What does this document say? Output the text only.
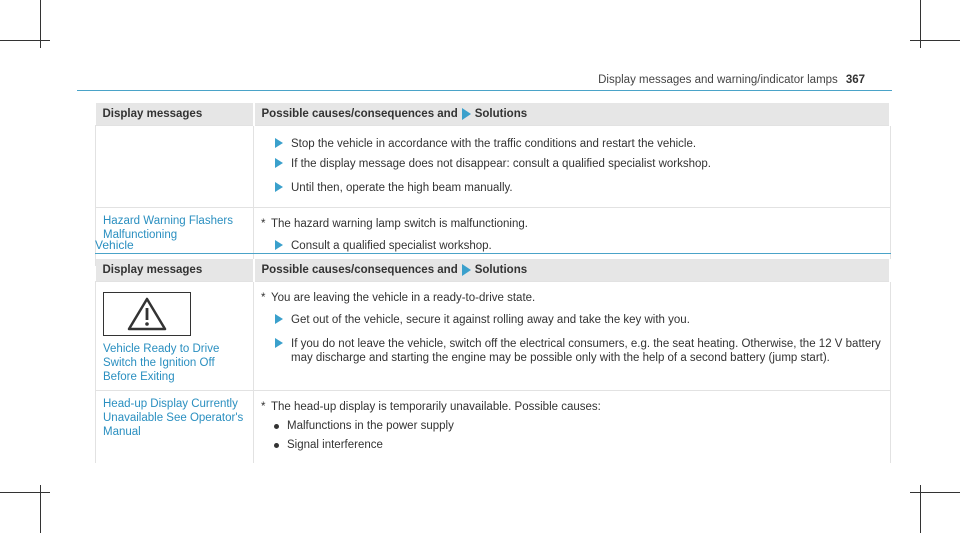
Display messages and warning/indicator lamps 367
Display messages	Possible causes/consequences and Solutions

Stop the vehicle in accordance with the traffic conditions and restart the vehicle.
If the display message does not disappear: consult a qualified specialist workshop.
Until then, operate the high beam manually.

Hazard Warning Flashers Malfunctioning	* The hazard warning lamp switch is malfunctioning.
Consult a qualified specialist workshop.
Vehicle
Display messages	Possible causes/consequences and Solutions

Vehicle Ready to Drive Switch the Ignition Off Before Exiting	* You are leaving the vehicle in a ready-to-drive state.
Get out of the vehicle, secure it against rolling away and take the key with you.
If you do not leave the vehicle, switch off the electrical consumers, e.g. the seat heating. Otherwise, the 12 V battery may discharge and starting the engine may be possible only with the help of a second battery (jump start).

Head-up Display Currently Unavailable See Operator's Manual	* The head-up display is temporarily unavailable. Possible causes:
Malfunctions in the power supply
Signal interference
